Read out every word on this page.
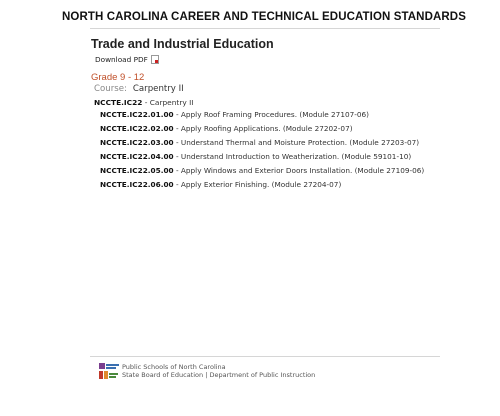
NORTH CAROLINA CAREER AND TECHNICAL EDUCATION STANDARDS
Trade and Industrial Education
Download PDF
Grade 9 - 12
Course: Carpentry II
NCCTE.IC22 - Carpentry II
NCCTE.IC22.01.00 - Apply Roof Framing Procedures. (Module 27107-06)
NCCTE.IC22.02.00 - Apply Roofing Applications. (Module 27202-07)
NCCTE.IC22.03.00 - Understand Thermal and Moisture Protection. (Module 27203-07)
NCCTE.IC22.04.00 - Understand Introduction to Weatherization. (Module 59101-10)
NCCTE.IC22.05.00 - Apply Windows and Exterior Doors Installation. (Module 27109-06)
NCCTE.IC22.06.00 - Apply Exterior Finishing. (Module 27204-07)
Public Schools of North Carolina
State Board of Education | Department of Public Instruction
